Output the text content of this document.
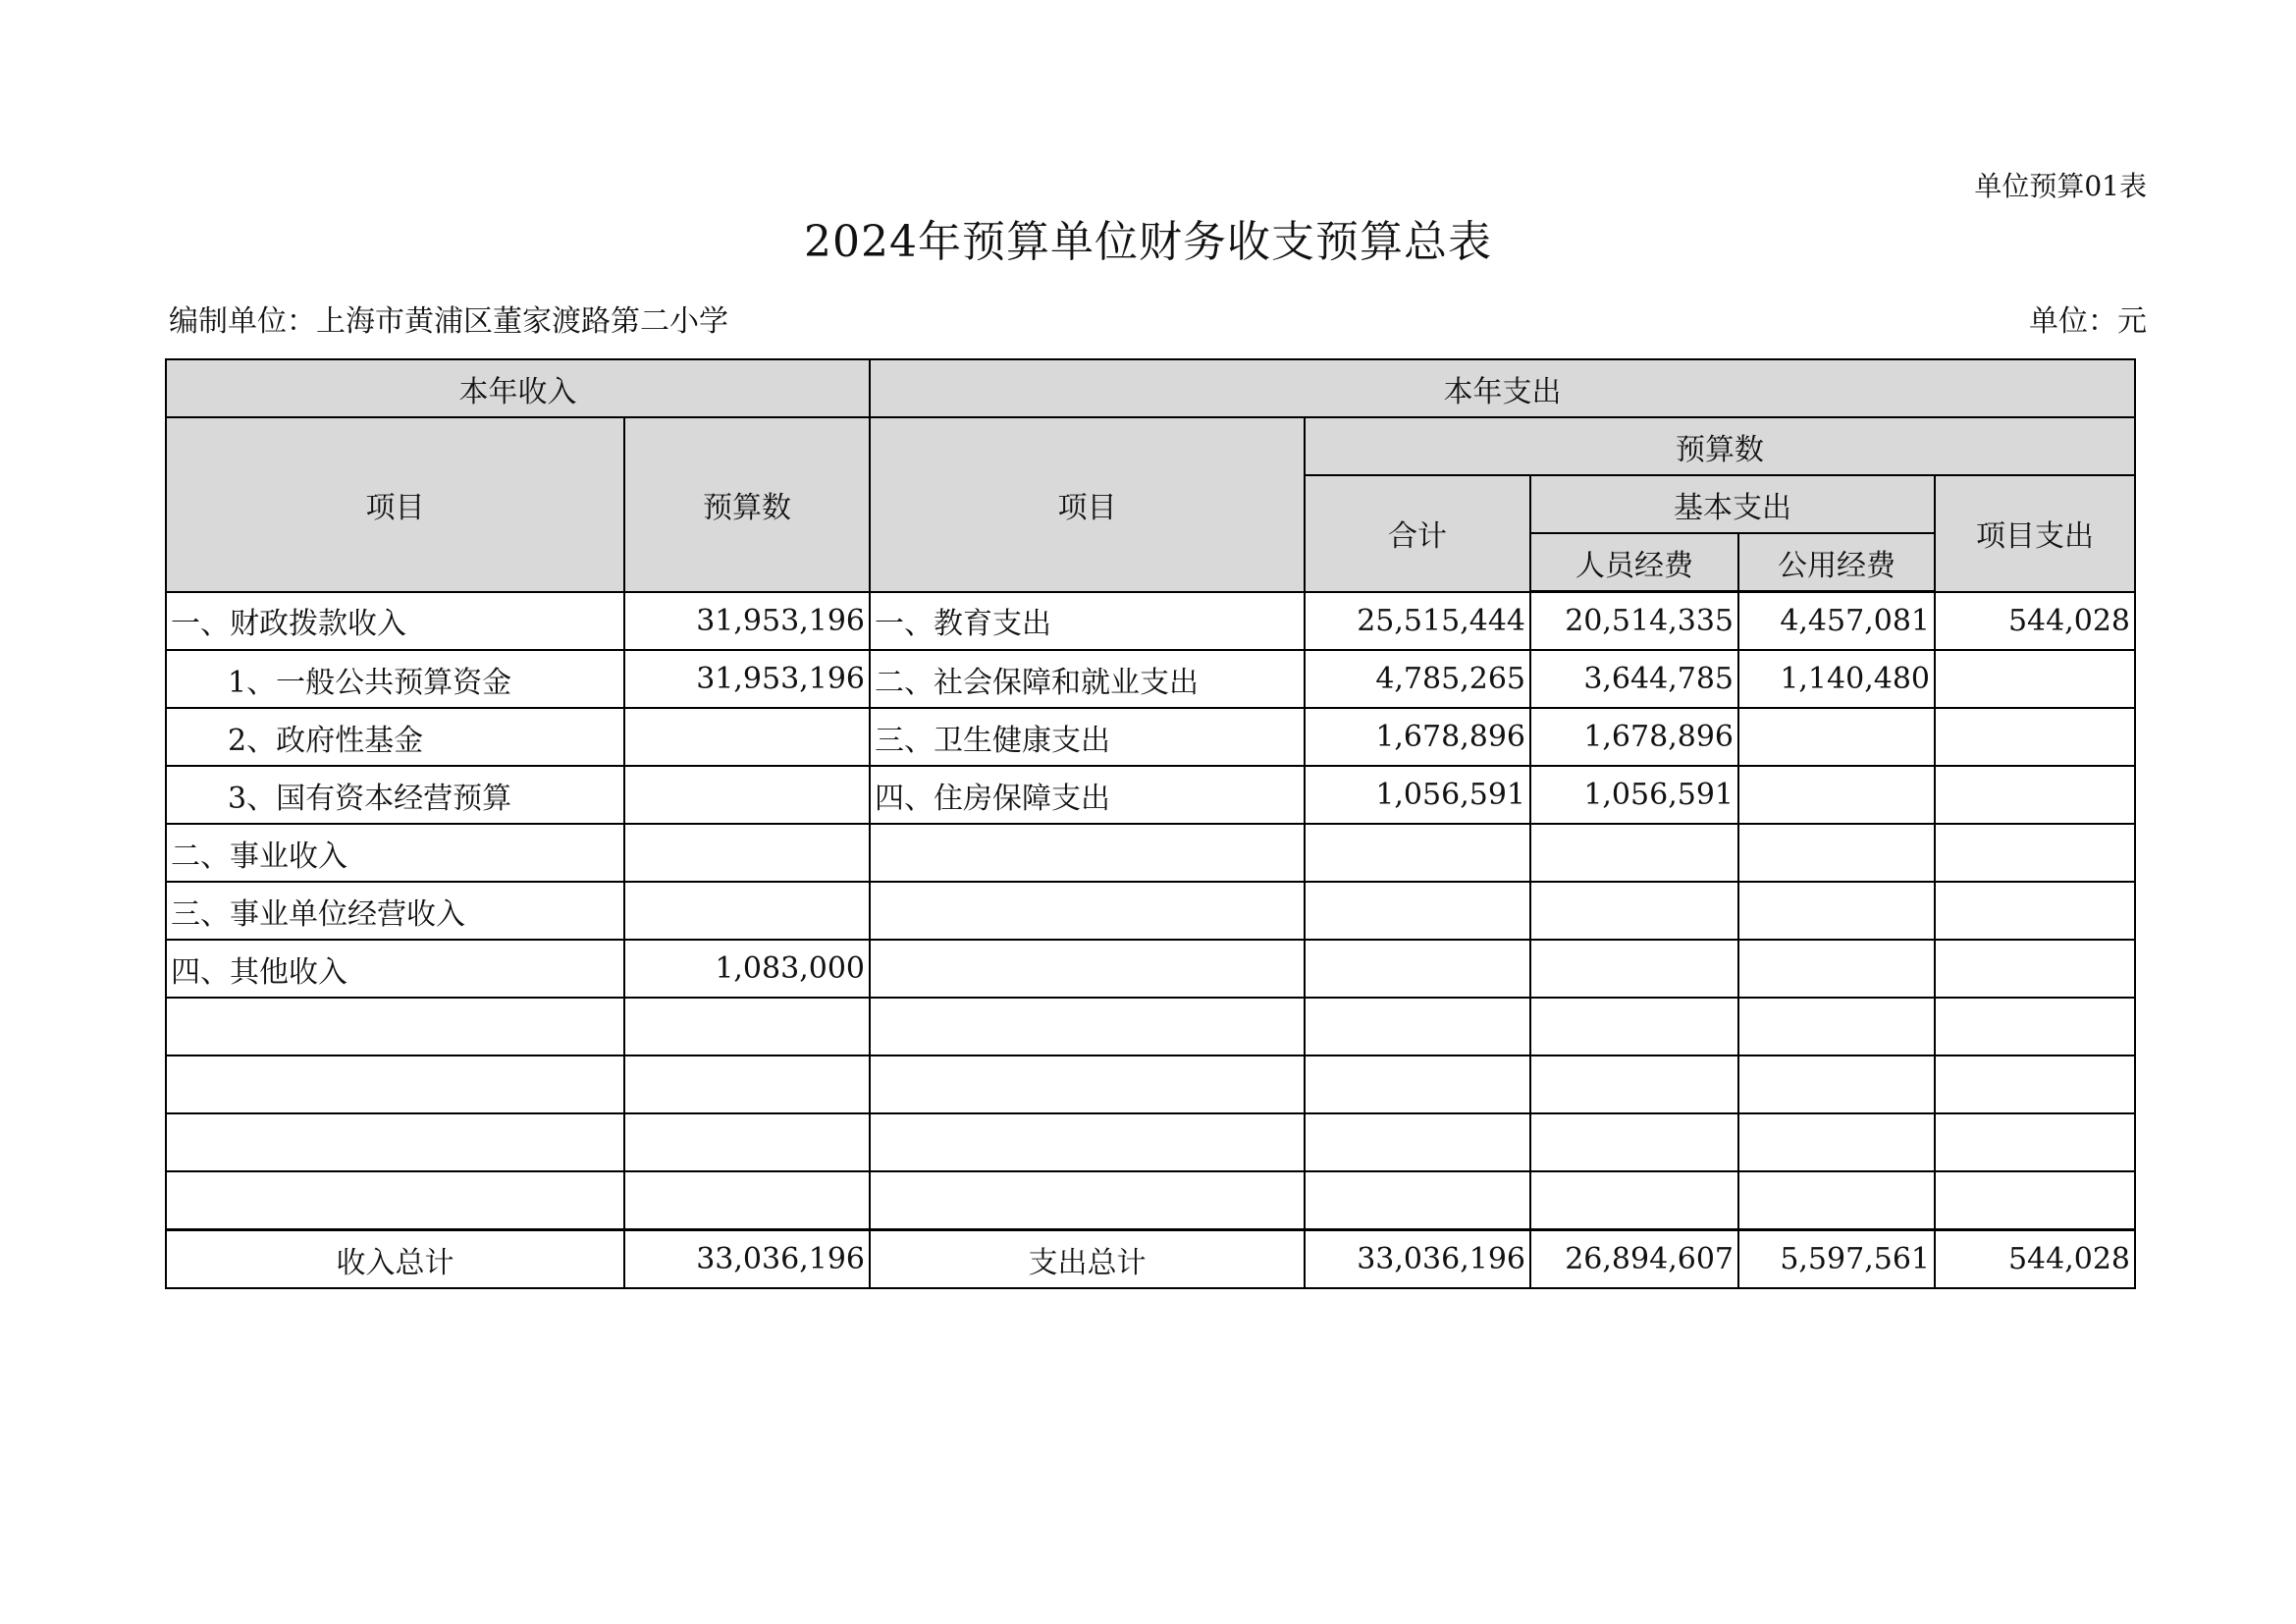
单位预算01表
2024年预算单位财务收支预算总表
编制单位：上海市黄浦区董家渡路第二小学	单位：元
本年收入		本年支出				
项目	预算数	项目	预算数			
			合计	基本支出		项目支出
				人员经费	公用经费	
一、财政拨款收入	31,953,196	一、教育支出	25,515,444	20,514,335	4,457,081	544,028
1、一般公共预算资金	31,953,196	二、社会保障和就业支出	4,785,265	3,644,785	1,140,480	
2、政府性基金		三、卫生健康支出	1,678,896	1,678,896		
3、国有资本经营预算		四、住房保障支出	1,056,591	1,056,591		
二、事业收入						
三、事业单位经营收入						
四、其他收入	1,083,000					

收入总计	33,036,196	支出总计	33,036,196	26,894,607	5,597,561	544,028
